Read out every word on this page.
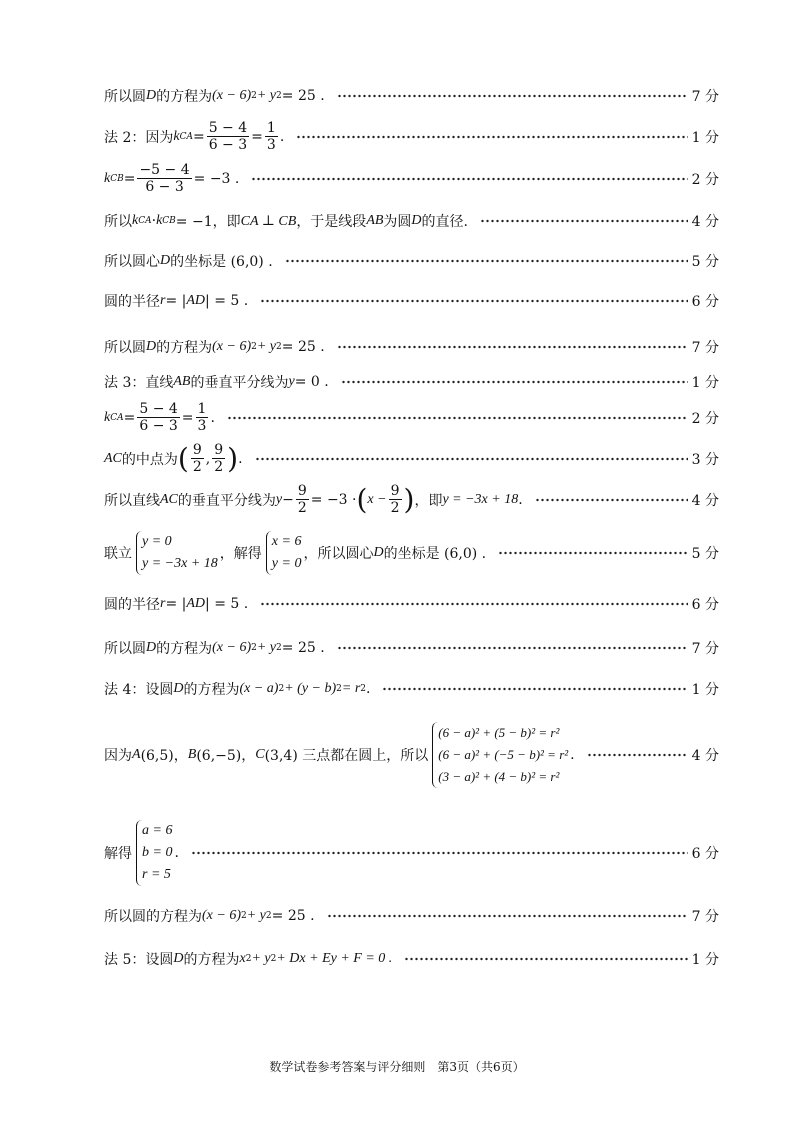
所以圆 D 的方程为 (x − 6) 2 + y 2 = 25 .	7 分
法 2：因为 k CA = $\frac{5 - 4}{6 - 3} = \frac{1}{3}$ .	1 分
k CB = $\frac{-5 - 4}{6 - 3} = -3$ .	2 分
所以 k CA · k CB = −1，即 CA ⊥ CB ，于是线段 AB 为圆 D 的直径.	4 分
所以圆心 D 的坐标是 (6,0) .	5 分
圆的半径 r = | AD | = 5 .	6 分
所以圆 D 的方程为 (x − 6) 2 + y 2 = 25 .	7 分
法 3：直线 AB 的垂直平分线为 y = 0 .	1 分
k CA = $\frac{5 - 4}{6 - 3} = \frac{1}{3}$ .	2 分
AC 的中点为 ( $\frac{9}{2}$ , $\frac{9}{2}$ ) .	3 分
所以直线 AC 的垂直平分线为 $y - \frac{9}{2} = -3$ · ( $x - \frac{9}{2}$ ) ，即 y = −3x + 18 .	4 分
联立
y = 0
y = −3x + 18
，解得
x = 6
y = 0
，所以圆心 D 的坐标是 (6,0) .	5 分
圆的半径 r = | AD | = 5 .	6 分
所以圆 D 的方程为 (x − 6) 2 + y 2 = 25 .	7 分
法 4：设圆 D 的方程为 (x − a) 2 + (y − b) 2 = r 2 .	1 分
因为 A (6,5)， B (6,−5)， C (3,4) 三点都在圆上，所以
(6 − a)² + (5 − b)² = r²
(6 − a)² + (−5 − b)² = r²
(3 − a)² + (4 − b)² = r²
.	4 分
解得
a = 6
b = 0
r = 5
.	6 分
所以圆的方程为 (x − 6) 2 + y 2 = 25 .	7 分
法 5：设圆 D 的方程为 x 2 + y 2 + Dx + Ey + F = 0 .	1 分
数学试卷参考答案与评分细则　第3页（共6页）
